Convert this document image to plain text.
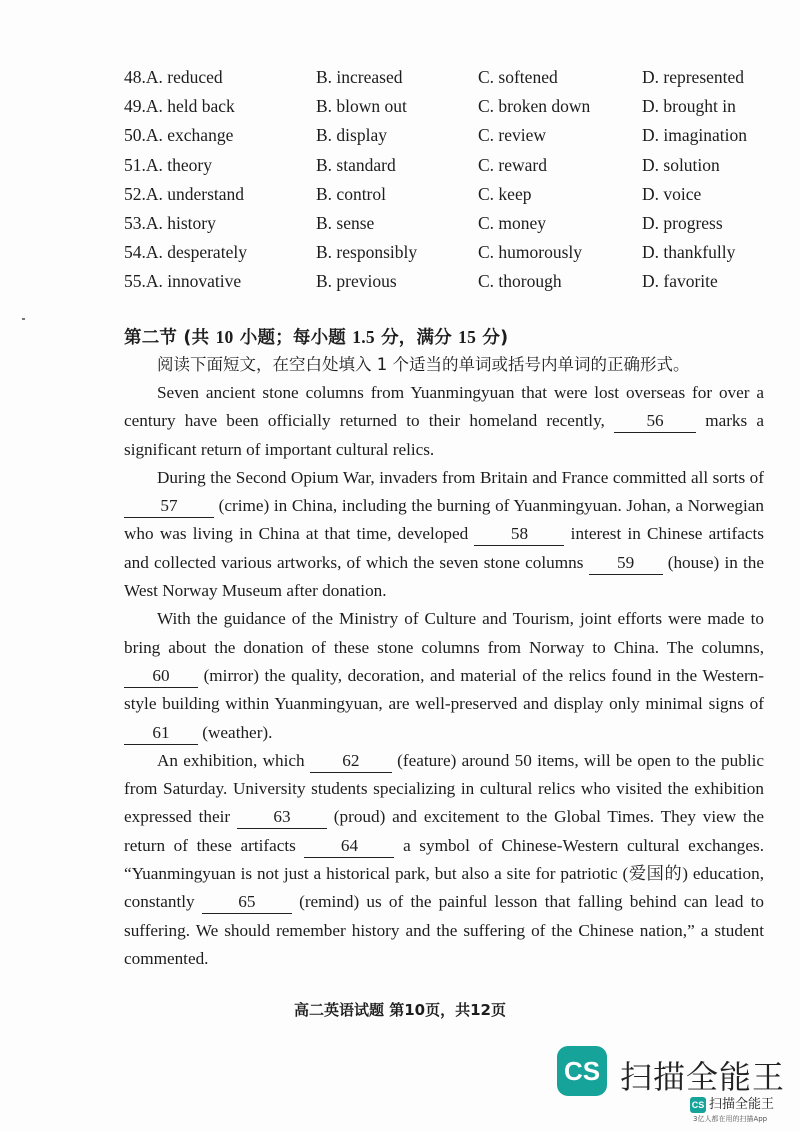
48.A. reduced	B. increased	C. softened	D. represented
49.A. held back	B. blown out	C. broken down	D. brought in
50.A. exchange	B. display	C. review	D. imagination
51.A. theory	B. standard	C. reward	D. solution
52.A. understand	B. control	C. keep	D. voice
53.A. history	B. sense	C. money	D. progress
54.A. desperately	B. responsibly	C. humorously	D. thankfully
55.A. innovative	B. previous	C. thorough	D. favorite
第二节 (共 10 小题；每小题 1.5 分，满分 15 分)
阅读下面短文，在空白处填入 1 个适当的单词或括号内单词的正确形式。

Seven ancient stone columns from Yuanmingyuan that were lost overseas for over a century have been officially returned to their homeland recently, 56 marks a significant return of important cultural relics.

During the Second Opium War, invaders from Britain and France committed all sorts of 57 (crime) in China, including the burning of Yuanmingyuan. Johan, a Norwegian who was living in China at that time, developed 58 interest in Chinese artifacts and collected various artworks, of which the seven stone columns 59 (house) in the West Norway Museum after donation.

With the guidance of the Ministry of Culture and Tourism, joint efforts were made to bring about the donation of these stone columns from Norway to China. The columns, 60 (mirror) the quality, decoration, and material of the relics found in the Western-style building within Yuanmingyuan, are well-preserved and display only minimal signs of 61 (weather).

An exhibition, which 62 (feature) around 50 items, will be open to the public from Saturday. University students specializing in cultural relics who visited the exhibition expressed their	63	(proud) and excitement to the Global Times. They view the return of these artifacts	64	a symbol of Chinese-Western cultural exchanges. “Yuanmingyuan is not just a historical park, but also a site for patriotic (爱国的) education, constantly	65	(remind) us of the painful lesson that falling behind can lead to suffering. We should remember history and the suffering of the Chinese nation,” a student commented.

高二英语试题 第10页，共12页
CS 扫描全能王
CS 扫描全能王
3亿人都在用的扫描App
